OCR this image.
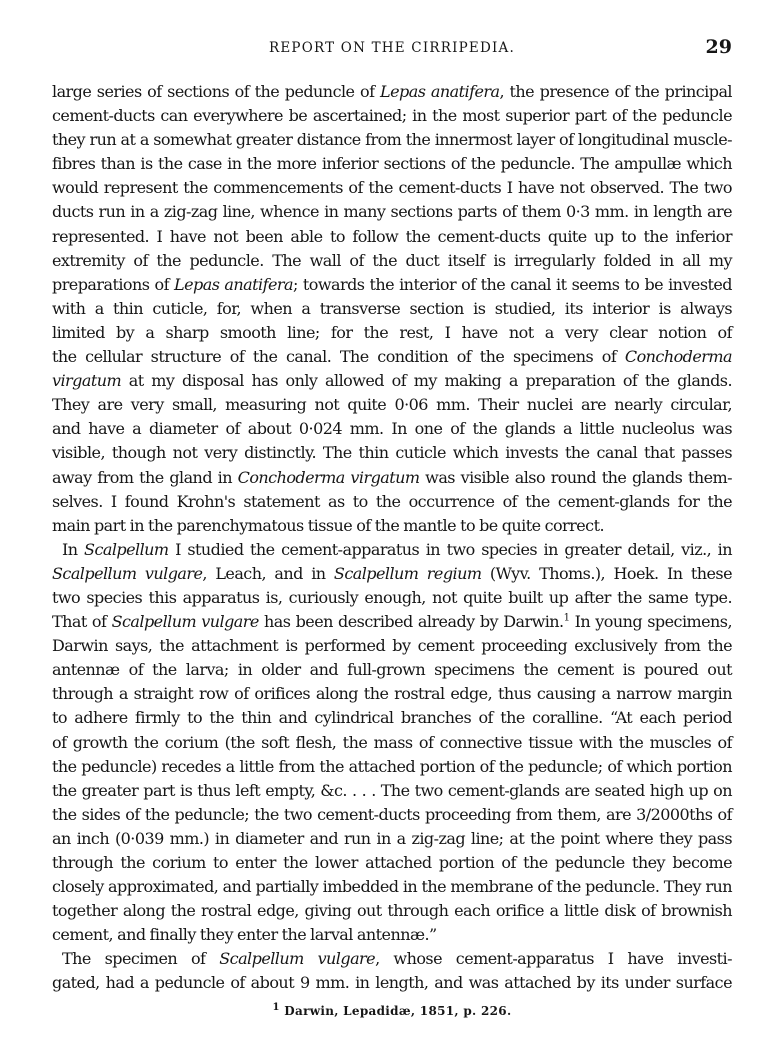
REPORT ON THE CIRRIPEDIA.	29
large series of sections of the peduncle of Lepas anatifera, the presence of the principal
cement-ducts can everywhere be ascertained; in the most superior part of the peduncle
they run at a somewhat greater distance from the innermost layer of longitudinal muscle-
fibres than is the case in the more inferior sections of the peduncle. The ampullæ which
would represent the commencements of the cement-ducts I have not observed. The two
ducts run in a zig-zag line, whence in many sections parts of them 0·3 mm. in length are
represented. I have not been able to follow the cement-ducts quite up to the inferior
extremity of the peduncle. The wall of the duct itself is irregularly folded in all my
preparations of Lepas anatifera; towards the interior of the canal it seems to be invested
with a thin cuticle, for, when a transverse section is studied, its interior is always
limited by a sharp smooth line; for the rest, I have not a very clear notion of
the cellular structure of the canal. The condition of the specimens of Conchoderma
virgatum at my disposal has only allowed of my making a preparation of the glands.
They are very small, measuring not quite 0·06 mm. Their nuclei are nearly circular,
and have a diameter of about 0·024 mm. In one of the glands a little nucleolus was
visible, though not very distinctly. The thin cuticle which invests the canal that passes
away from the gland in Conchoderma virgatum was visible also round the glands them-
selves. I found Krohn's statement as to the occurrence of the cement-glands for the
main part in the parenchymatous tissue of the mantle to be quite correct.
In Scalpellum I studied the cement-apparatus in two species in greater detail, viz., in
Scalpellum vulgare, Leach, and in Scalpellum regium (Wyv. Thoms.), Hoek. In these
two species this apparatus is, curiously enough, not quite built up after the same type.
That of Scalpellum vulgare has been described already by Darwin.$^1$ In young specimens,
Darwin says, the attachment is performed by cement proceeding exclusively from the
antennæ of the larva; in older and full-grown specimens the cement is poured out
through a straight row of orifices along the rostral edge, thus causing a narrow margin
to adhere firmly to the thin and cylindrical branches of the coralline. “At each period
of growth the corium (the soft flesh, the mass of connective tissue with the muscles of
the peduncle) recedes a little from the attached portion of the peduncle; of which portion
the greater part is thus left empty, &c. . . . The two cement-glands are seated high up on
the sides of the peduncle; the two cement-ducts proceeding from them, are 3/2000ths of
an inch (0·039 mm.) in diameter and run in a zig-zag line; at the point where they pass
through the corium to enter the lower attached portion of the peduncle they become
closely approximated, and partially imbedded in the membrane of the peduncle. They run
together along the rostral edge, giving out through each orifice a little disk of brownish
cement, and finally they enter the larval antennæ.”
The specimen of Scalpellum vulgare, whose cement-apparatus I have investi-
gated, had a peduncle of about 9 mm. in length, and was attached by its under surface
$^1$ Darwin, Lepadidæ, 1851, p. 226.
